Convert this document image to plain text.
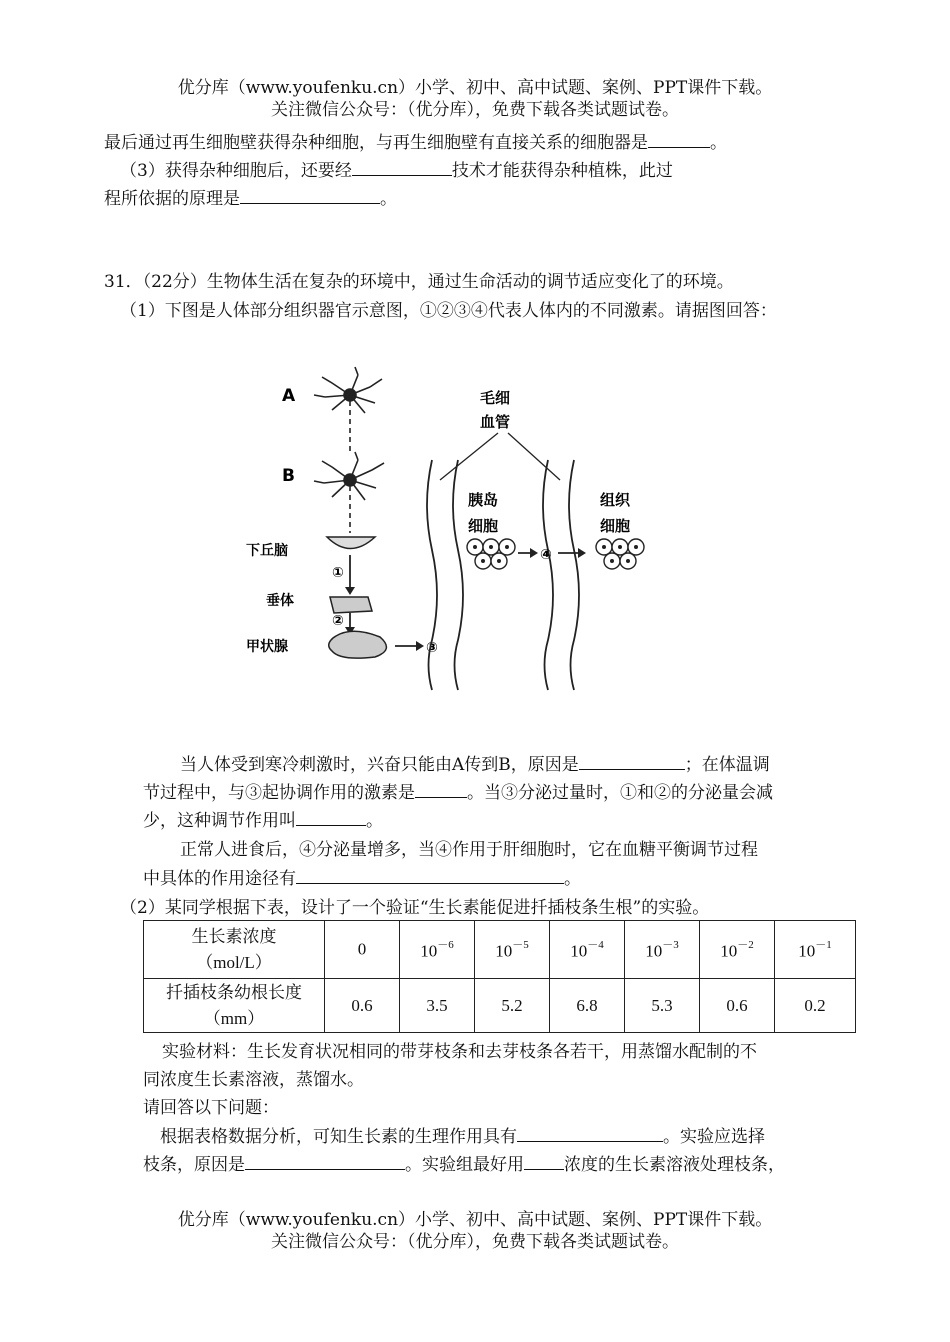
优分库（www.youfenku.cn）小学、初中、高中试题、案例、PPT课件下载。
关注微信公众号：（优分库），免费下载各类试题试卷。
最后通过再生细胞壁获得杂种细胞，与再生细胞壁有直接关系的细胞器是	。
（3）获得杂种细胞后，还要经	技术才能获得杂种植株，此过
程所依据的原理是	。
31．（22分）生物体生活在复杂的环境中，通过生命活动的调节适应变化了的环境。
（1）下图是人体部分组织器官示意图，①②③④代表人体内的不同激素。请据图回答：
A
B
下丘脑
垂体
甲状腺
①
②
③
毛细
血管
胰岛
细胞
④
组织
细胞
当人体受到寒冷刺激时，兴奋只能由A传到B，原因是	；在体温调
节过程中，与③起协调作用的激素是	。当③分泌过量时，①和②的分泌量会减
少，这种调节作用叫	。
正常人进食后，④分泌量增多，当④作用于肝细胞时，它在血糖平衡调节过程
中具体的作用途径有	。
（2）某同学根据下表，设计了一个验证“生长素能促进扦插枝条生根”的实验。
生长素浓度
（mol/L）	0	$10^{-6}$	$10^{-5}$	$10^{-4}$	$10^{-3}$	$10^{-2}$	$10^{-1}$

扦插枝条幼根长度
（mm）	0.6	3.5	5.2	6.8	5.3	0.6	0.2
实验材料：生长发育状况相同的带芽枝条和去芽枝条各若干，用蒸馏水配制的不
同浓度生长素溶液，蒸馏水。
请回答以下问题：
根据表格数据分析，可知生长素的生理作用具有	。实验应选择
枝条，原因是	。实验组最好用 浓度的生长素溶液处理枝条，
优分库（www.youfenku.cn）小学、初中、高中试题、案例、PPT课件下载。
关注微信公众号：（优分库），免费下载各类试题试卷。
